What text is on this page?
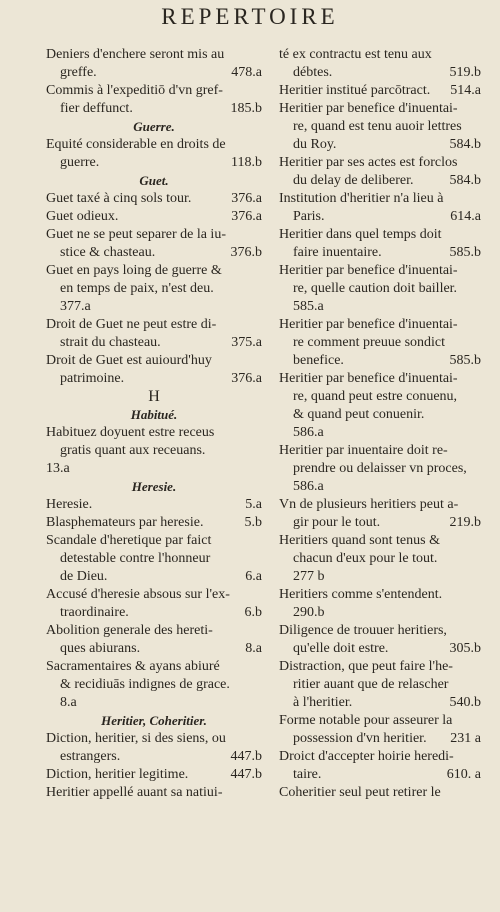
REPERTOIRE
Deniers d'enchere seront mis au
greffe.	478.a
Commis à l'expeditiō d'vn gref-
fier deffunct.	185.b
Guerre.
Equité considerable en droits de
guerre.	118.b
Guet.
Guet taxé à cinq sols tour.	376.a
Guet odieux.	376.a
Guet ne se peut separer de la iu-
stice & chasteau.	376.b
Guet en pays loing de guerre &
en temps de paix, n'est deu.
377.a
Droit de Guet ne peut estre di-
strait du chasteau.	375.a
Droit de Guet est auiourd'huy
patrimoine.	376.a
H
Habitué.
Habituez doyuent estre receus
gratis quant aux receuans.
13.a
Heresie.
Heresie.	5.a
Blasphemateurs par heresie.	5.b
Scandale d'heretique par faict
detestable contre l'honneur
de Dieu.	6.a
Accusé d'heresie absous sur l'ex-
traordinaire.	6.b
Abolition generale des hereti-
ques abiurans.	8.a
Sacramentaires & ayans abiuré
& recidiuās indignes de grace.
8.a
Heritier, Coheritier.
Diction, heritier, si des siens, ou
estrangers.	447.b
Diction, heritier legitime.	447.b
Heritier appellé auant sa natiui-
té ex contractu est tenu aux
débtes.	519.b
Heritier institué parcōtract. 514.a
Heritier par benefice d'inuentai-
re, quand est tenu auoir lettres
du Roy.	584.b
Heritier par ses actes est forclos
du delay de deliberer.	584.b
Institution d'heritier n'a lieu à
Paris.	614.a
Heritier dans quel temps doit
faire inuentaire.	585.b
Heritier par benefice d'inuentai-
re, quelle caution doit bailler.
585.a
Heritier par benefice d'inuentai-
re comment preuue sondict
benefice.	585.b
Heritier par benefice d'inuentai-
re, quand peut estre conuenu,
& quand peut conuenir.
586.a
Heritier par inuentaire doit re-
prendre ou delaisser vn proces,
586.a
Vn de plusieurs heritiers peut a-
gir pour le tout.	219.b
Heritiers quand sont tenus &
chacun d'eux pour le tout.
277 b
Heritiers comme s'entendent.
290.b
Diligence de trouuer heritiers,
qu'elle doit estre.	305.b
Distraction, que peut faire l'he-
ritier auant que de relascher
à l'heritier.	540.b
Forme notable pour asseurer la
possession d'vn heritier. 231 a
Droict d'accepter hoirie heredi-
taire.	610. a
Coheritier seul peut retirer le
